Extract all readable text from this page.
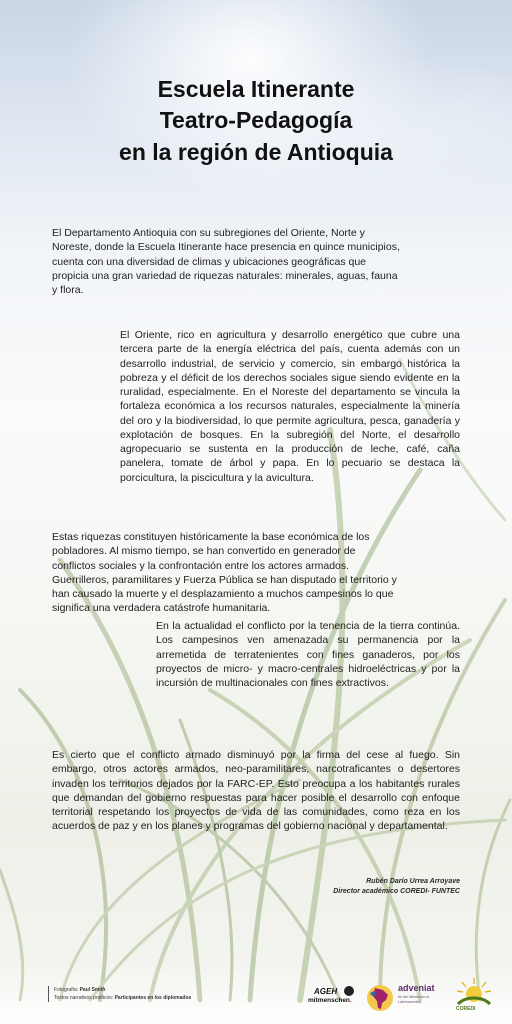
Escuela Itinerante
Teatro-Pedagogía
en la región de Antioquia

El Departamento Antioquia con su subregiones del Oriente, Norte y Noreste, donde la Escuela Itinerante hace presencia en quince municipios, cuenta con una diversidad de climas y ubicaciones geográficas que propicia una gran variedad de riquezas naturales: minerales, aguas, fauna y flora.

El Oriente, rico en agricultura y desarrollo energético que cubre una tercera parte de la energía eléctrica del país, cuenta además con un desarrollo industrial, de servicio y comercio, sin embargo histórica la pobreza y el déficit de los derechos sociales sigue siendo evidente en la ruralidad, especialmente. En el Noreste del departamento se vincula la fortaleza económica a los recursos naturales, especialmente la minería del oro y la biodiversidad, lo que permite agricultura, pesca, ganadería y explotación de bosques. En la subregión del Norte, el desarrollo agropecuario se sustenta en la producción de leche, café, caña panelera, tomate de árbol y papa. En lo pecuario se destaca la porcicultura, la piscicultura y la avicultura.

Estas riquezas constituyen históricamente la base económica de los pobladores. Al mismo tiempo, se han convertido en generador de conflictos sociales y la confrontación entre los actores armados. Guerrilleros, paramilitares y Fuerza Pública se han disputado el territorio y han causado la muerte y el desplazamiento a muchos campesinos lo que significa una verdadera catástrofe humanitaria.

En la actualidad el conflicto por la tenencia de la tierra continúa. Los campesinos ven amenazada su permanencia por la arremetida de terratenientes con fines ganaderos, por los proyectos de micro- y macro-centrales hidroeléctricas y por la incursión de multinacionales con fines extractivos.

Es cierto que el conflicto armado disminuyó por la firma del cese al fuego. Sin embargo, otros actores armados, neo-paramilitares, narcotraficantes o desertores invaden los territorios dejados por la FARC-EP. Esto preocupa a los habitantes rurales que demandan del gobierno respuestas para hacer posible el desarrollo con enfoque territorial respetando los proyectos de vida de las comunidades, como reza en los acuerdos de paz y en los planes y programas del gobierno nacional y departamental.

Rubén Darío Urrea Arroyave
Director académico COREDI- FUNTEC
Fotografía: Paul Smith
Textos narrativos poéticos: Participantes en los diplomados
AGEH
mitmenschen.
adveniat
für die Menschen in Lateinamerika
COREDI
